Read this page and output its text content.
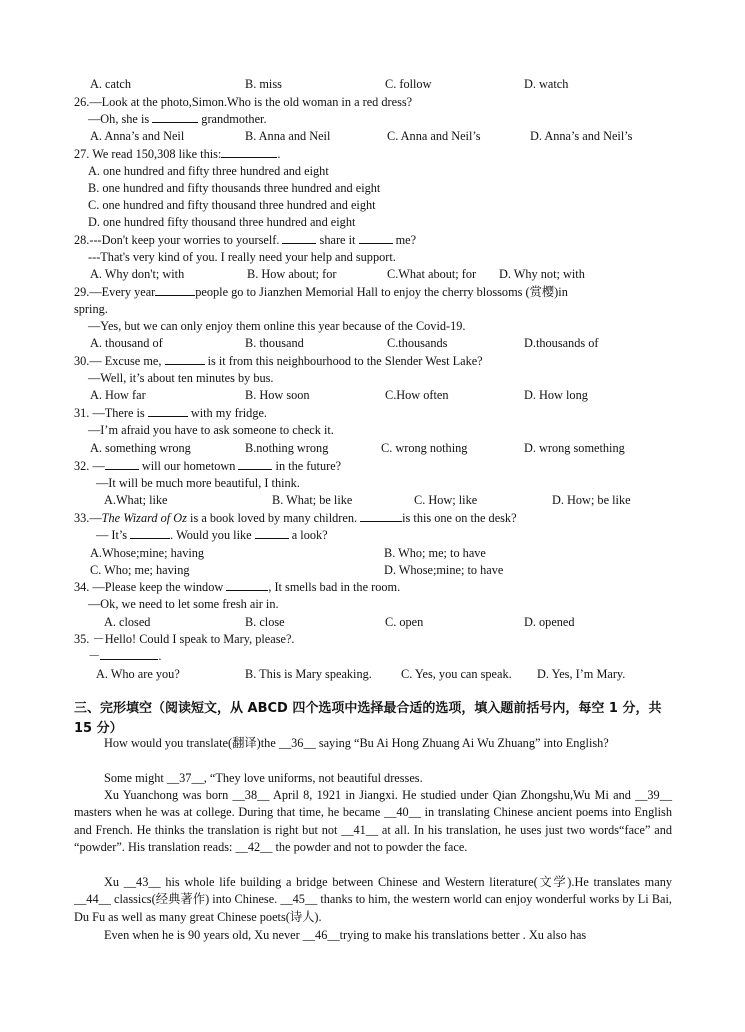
A. catch	B. miss	C. follow	D. watch
26.—Look at the photo,Simon.Who is the old woman in a red dress?
—Oh, she is	grandmother.
A. Anna’s and Neil	B. Anna and Neil	C. Anna and Neil’s	D. Anna’s and Neil’s
27. We read 150,308 like this:	.
A. one hundred and fifty three hundred and eight
B. one hundred and fifty thousands three hundred and eight
C. one hundred and fifty thousand three hundred and eight
D. one hundred fifty thousand three hundred and eight
28.---Don't keep your worries to yourself.	share it	me?
---That's very kind of you. I really need your help and support.
A. Why don't; with	B. How about; for	C.What about; for D. Why not; with
29.—Every year	people go to Jianzhen Memorial Hall to enjoy the cherry blossoms (赏樱)in
spring.
—Yes, but we can only enjoy them online this year because of the Covid-19.
A. thousand of	B. thousand	C.thousands	D.thousands of
30.— Excuse me,	is it from this neighbourhood to the Slender West Lake?
—Well, it’s about ten minutes by bus.
A. How far	B. How soon	C.How often	D. How long
31. —There is	with my fridge.
—I’m afraid you have to ask someone to check it.
A. something wrong	B.nothing wrong	C. wrong nothing	D. wrong something
32. —	will our hometown	in the future?
—It will be much more beautiful, I think.
A.What; like	B. What; be like	C. How; like	D. How; be like
33.—The Wizard of Oz is a book loved by many children.	is this one on the desk?
— It’s	. Would you like	a look?
A.Whose;mine; having	B. Who; me; to have
C. Who; me; having	D. Whose;mine; to have
34. —Please keep the window	, It smells bad in the room.
—Ok, we need to let some fresh air in.
A. closed	B. close	C. open	D. opened
35. －Hello! Could I speak to Mary, please?.
－	.
A. Who are you?	B. This is Mary speaking. C. Yes, you can speak. D. Yes, I’m Mary.
三、完形填空（阅读短文，从 ABCD 四个选项中选择最合适的选项，填入题前括号内，每空 1 分，共 15 分）
How would you translate(翻译)the __36__ saying “Bu Ai Hong Zhuang Ai Wu Zhuang” into English?
Some might __37__, “They love uniforms, not beautiful dresses.
Xu Yuanchong was born __38__ April 8, 1921 in Jiangxi. He studied under Qian Zhongshu,Wu Mi and __39__ masters when he was at college. During that time, he became __40__ in translating Chinese ancient poems into English and French. He thinks the translation is right but not __41__ at all. In his translation, he uses just two words“face” and “powder”. His translation reads: __42__ the powder and not to powder the face.
Xu __43__ his whole life building a bridge between Chinese and Western literature(文学).He translates many __44__ classics(经典著作) into Chinese. __45__ thanks to him, the western world can enjoy wonderful works by Li Bai, Du Fu as well as many great Chinese poets(诗人).
Even when he is 90 years old, Xu never __46__trying to make his translations better . Xu also has
